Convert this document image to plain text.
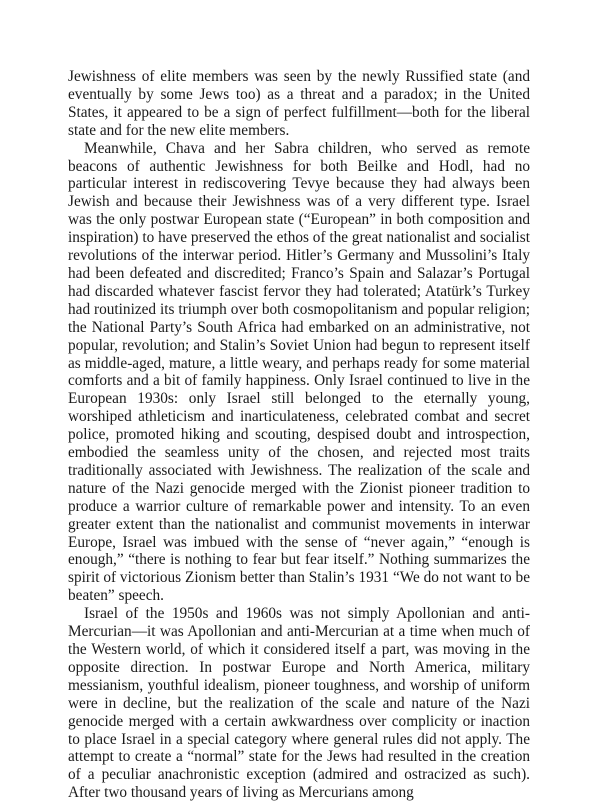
Jewishness of elite members was seen by the newly Russified state (and eventually by some Jews too) as a threat and a paradox; in the United States, it appeared to be a sign of perfect fulfillment—both for the liberal state and for the new elite members.

Meanwhile, Chava and her Sabra children, who served as remote beacons of authentic Jewishness for both Beilke and Hodl, had no particular interest in rediscovering Tevye because they had always been Jewish and because their Jewishness was of a very different type. Israel was the only postwar European state (“European” in both composition and inspiration) to have preserved the ethos of the great nationalist and socialist revolutions of the interwar period. Hitler’s Germany and Mussolini’s Italy had been defeated and discredited; Franco’s Spain and Salazar’s Portugal had discarded whatever fascist fervor they had tolerated; Atatürk’s Turkey had routinized its triumph over both cosmopolitanism and popular religion; the National Party’s South Africa had embarked on an administrative, not popular, revolution; and Stalin’s Soviet Union had begun to represent itself as middle-aged, mature, a little weary, and perhaps ready for some material comforts and a bit of family happiness. Only Israel continued to live in the European 1930s: only Israel still belonged to the eternally young, worshiped athleticism and inarticulateness, celebrated combat and secret police, promoted hiking and scouting, despised doubt and introspection, embodied the seamless unity of the chosen, and rejected most traits traditionally associated with Jewishness. The realization of the scale and nature of the Nazi genocide merged with the Zionist pioneer tradition to produce a warrior culture of remarkable power and intensity. To an even greater extent than the nationalist and communist movements in interwar Europe, Israel was imbued with the sense of “never again,” “enough is enough,” “there is nothing to fear but fear itself.” Nothing summarizes the spirit of victorious Zionism better than Stalin’s 1931 “We do not want to be beaten” speech.

Israel of the 1950s and 1960s was not simply Apollonian and anti-Mercurian—it was Apollonian and anti-Mercurian at a time when much of the Western world, of which it considered itself a part, was moving in the opposite direction. In postwar Europe and North America, military messianism, youthful idealism, pioneer toughness, and worship of uniform were in decline, but the realization of the scale and nature of the Nazi genocide merged with a certain awkwardness over complicity or inaction to place Israel in a special category where general rules did not apply. The attempt to create a “normal” state for the Jews had resulted in the creation of a peculiar anachronistic exception (admired and ostracized as such). After two thousand years of living as Mercurians among
